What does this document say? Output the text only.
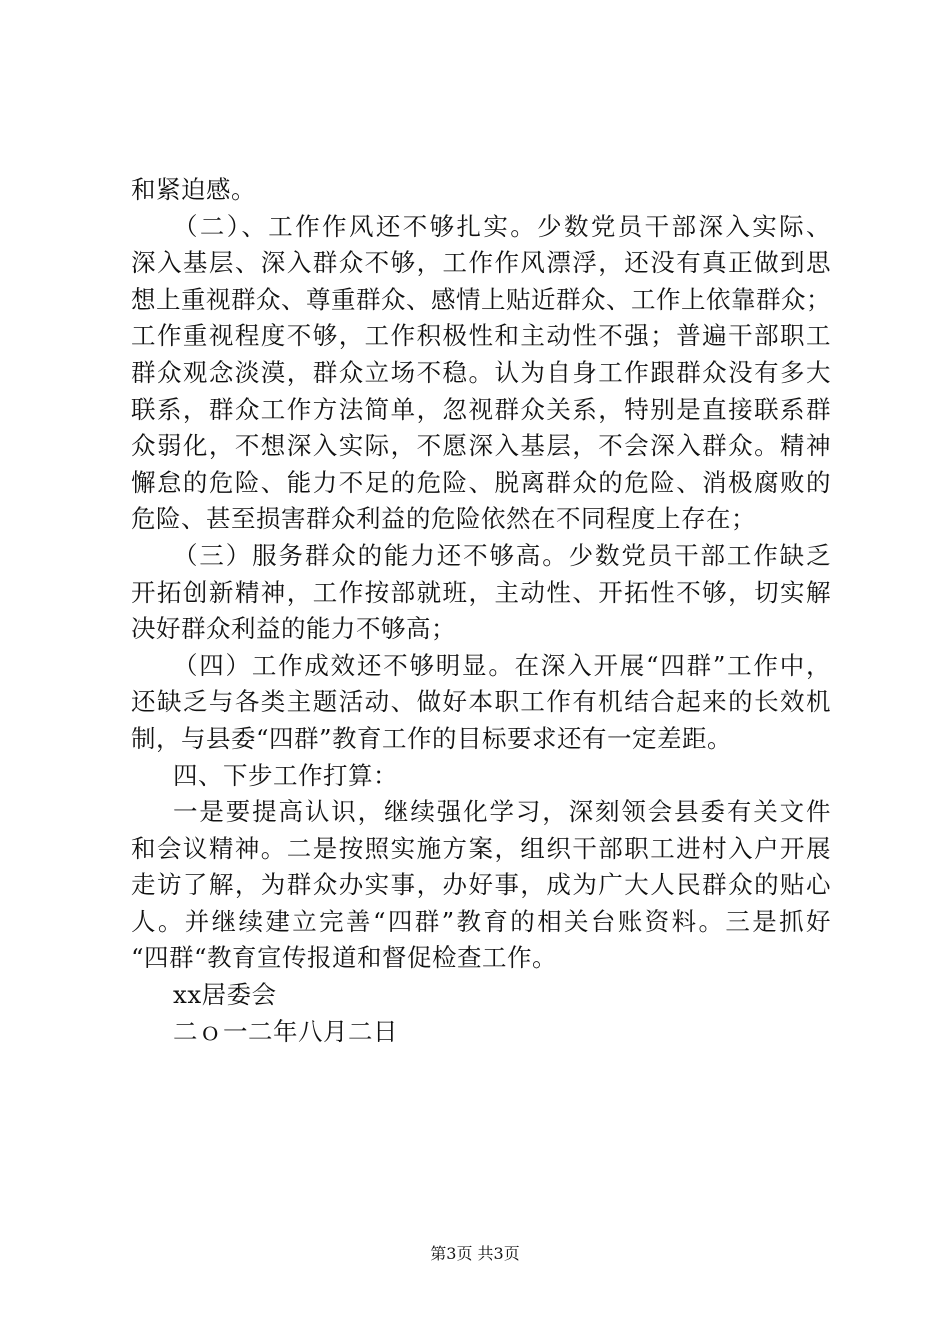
和紧迫感。
（二）、工作作风还不够扎实。少数党员干部深入实际、
深入基层、深入群众不够，工作作风漂浮，还没有真正做到思
想上重视群众、尊重群众、感情上贴近群众、工作上依靠群众；
工作重视程度不够，工作积极性和主动性不强；普遍干部职工
群众观念淡漠，群众立场不稳。认为自身工作跟群众没有多大
联系，群众工作方法简单，忽视群众关系，特别是直接联系群
众弱化，不想深入实际，不愿深入基层，不会深入群众。精神
懈怠的危险、能力不足的危险、脱离群众的危险、消极腐败的
危险、甚至损害群众利益的危险依然在不同程度上存在；
（三）服务群众的能力还不够高。少数党员干部工作缺乏
开拓创新精神，工作按部就班，主动性、开拓性不够，切实解
决好群众利益的能力不够高；
（四）工作成效还不够明显。在深入开展“四群”工作中，
还缺乏与各类主题活动、做好本职工作有机结合起来的长效机
制，与县委“四群”教育工作的目标要求还有一定差距。
四、下步工作打算：
一是要提高认识，继续强化学习，深刻领会县委有关文件
和会议精神。二是按照实施方案，组织干部职工进村入户开展
走访了解，为群众办实事，办好事，成为广大人民群众的贴心
人。并继续建立完善“四群”教育的相关台账资料。三是抓好
“四群“教育宣传报道和督促检查工作。
xx居委会
二ｏ一二年八月二日
第3页 共3页
